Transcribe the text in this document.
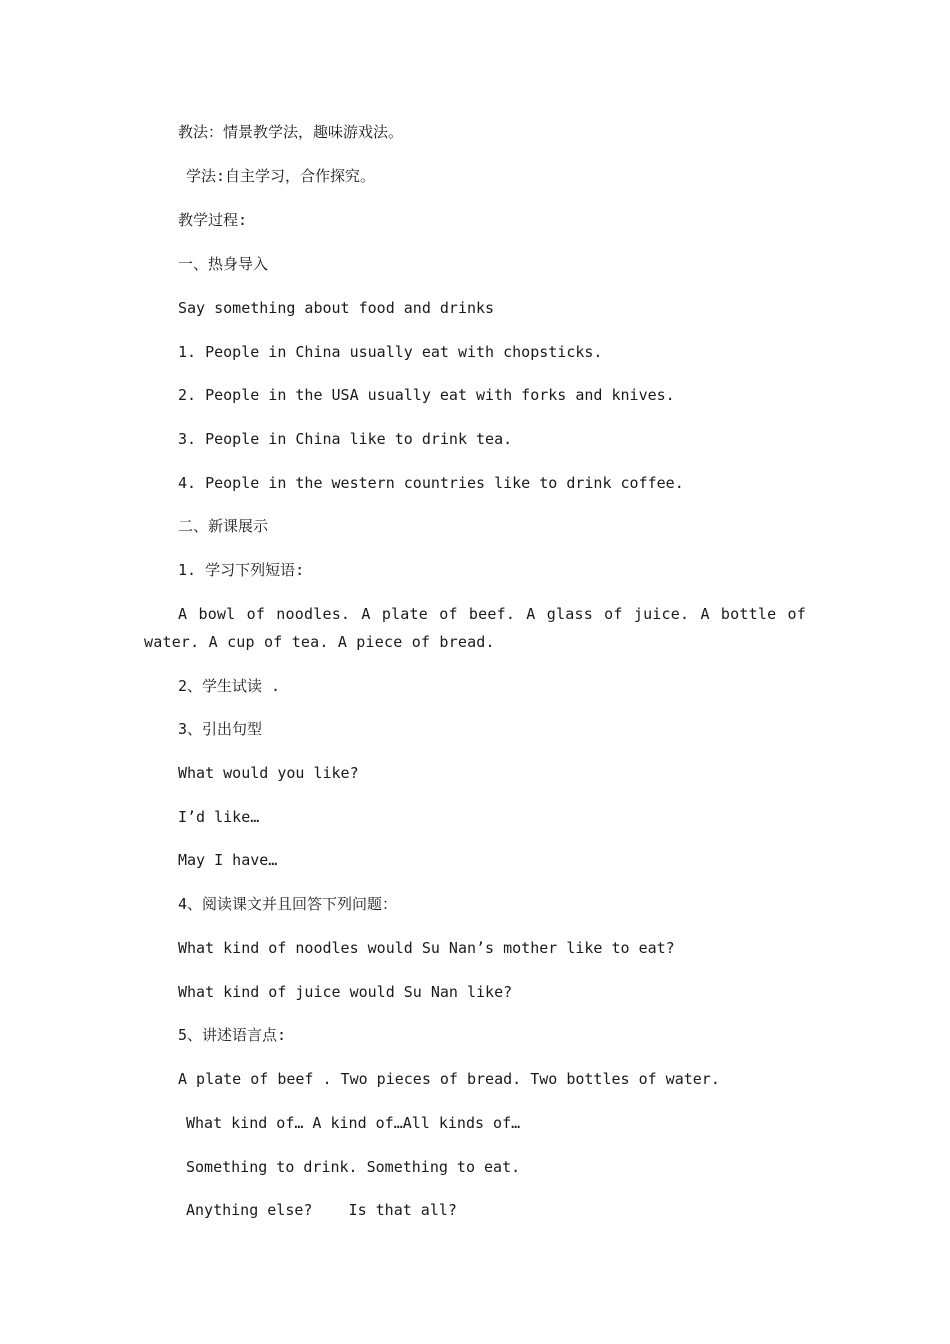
教法：情景教学法，趣味游戏法。
学法:自主学习，合作探究。
教学过程:
一、热身导入
Say something about food and drinks
1. People in China usually eat with chopsticks.
2. People in the USA usually eat with forks and knives.
3. People in China like to drink tea.
4. People in the western countries like to drink coffee.
二、新课展示
1. 学习下列短语:
A bowl of noodles. A plate of beef. A glass of juice. A bottle of water. A cup of tea. A piece of bread.
2、学生试读 .
3、引出句型
What would you like?
I’d like…
May I have…
4、阅读课文并且回答下列问题：
What kind of noodles would Su Nan’s mother like to eat?
What kind of juice would Su Nan like?
5、讲述语言点:
A plate of beef . Two pieces of bread. Two bottles of water.
What kind of… A kind of…All kinds of…
Something to drink. Something to eat.
Anything else?    Is that all?
